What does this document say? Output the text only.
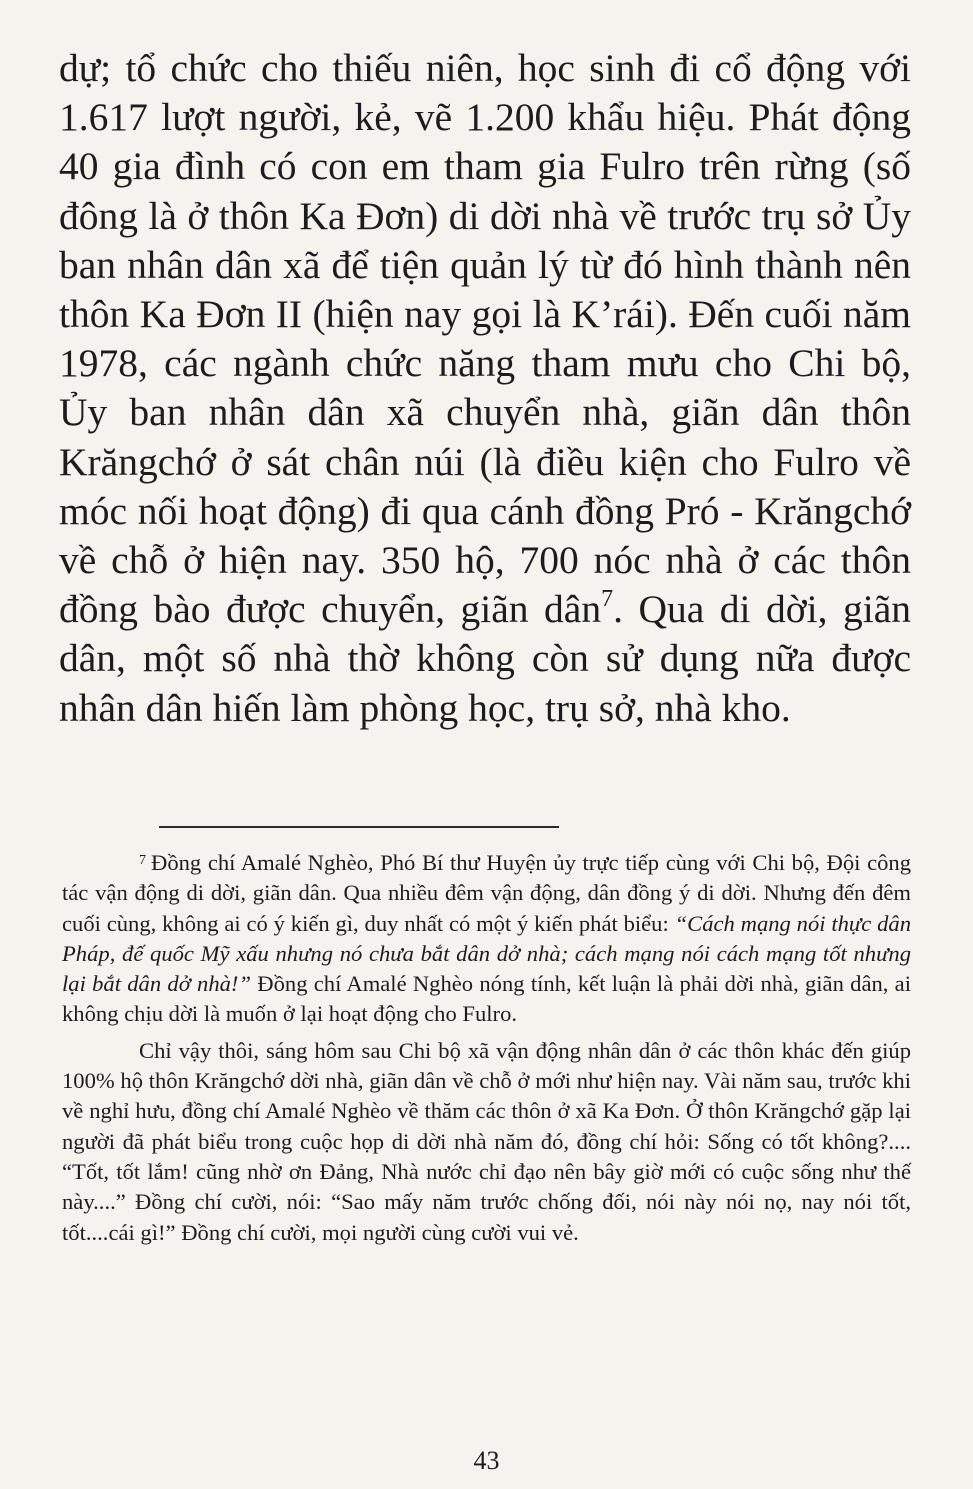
dự; tổ chức cho thiếu niên, học sinh đi cổ động với 1.617 lượt người, kẻ, vẽ 1.200 khẩu hiệu. Phát động 40 gia đình có con em tham gia Fulro trên rừng (số đông là ở thôn Ka Đơn) di dời nhà về trước trụ sở Ủy ban nhân dân xã để tiện quản lý từ đó hình thành nên thôn Ka Đơn II (hiện nay gọi là K’rái). Đến cuối năm 1978, các ngành chức năng tham mưu cho Chi bộ, Ủy ban nhân dân xã chuyển nhà, giãn dân thôn Krăngchớ ở sát chân núi (là điều kiện cho Fulro về móc nối hoạt động) đi qua cánh đồng Pró - Krăngchớ về chỗ ở hiện nay. 350 hộ, 700 nóc nhà ở các thôn đồng bào được chuyển, giãn dân$^7$. Qua di dời, giãn dân, một số nhà thờ không còn sử dụng nữa được nhân dân hiến làm phòng học, trụ sở, nhà kho.

$^7$ Đồng chí Amalé Nghèo, Phó Bí thư Huyện ủy trực tiếp cùng với Chi bộ, Đội công tác vận động di dời, giãn dân. Qua nhiều đêm vận động, dân đồng ý di dời. Nhưng đến đêm cuối cùng, không ai có ý kiến gì, duy nhất có một ý kiến phát biểu: “Cách mạng nói thực dân Pháp, đế quốc Mỹ xấu nhưng nó chưa bắt dân dở nhà; cách mạng nói cách mạng tốt nhưng lại bắt dân dở nhà!” Đồng chí Amalé Nghèo nóng tính, kết luận là phải dời nhà, giãn dân, ai không chịu dời là muốn ở lại hoạt động cho Fulro.

Chỉ vậy thôi, sáng hôm sau Chi bộ xã vận động nhân dân ở các thôn khác đến giúp 100% hộ thôn Krăngchớ dời nhà, giãn dân về chỗ ở mới như hiện nay. Vài năm sau, trước khi về nghỉ hưu, đồng chí Amalé Nghèo về thăm các thôn ở xã Ka Đơn. Ở thôn Krăngchớ gặp lại người đã phát biểu trong cuộc họp di dời nhà năm đó, đồng chí hỏi: Sống có tốt không?.... “Tốt, tốt lắm! cũng nhờ ơn Đảng, Nhà nước chỉ đạo nên bây giờ mới có cuộc sống như thế này....” Đồng chí cười, nói: “Sao mấy năm trước chống đối, nói này nói nọ, nay nói tốt, tốt....cái gì!” Đồng chí cười, mọi người cùng cười vui vẻ.

43
